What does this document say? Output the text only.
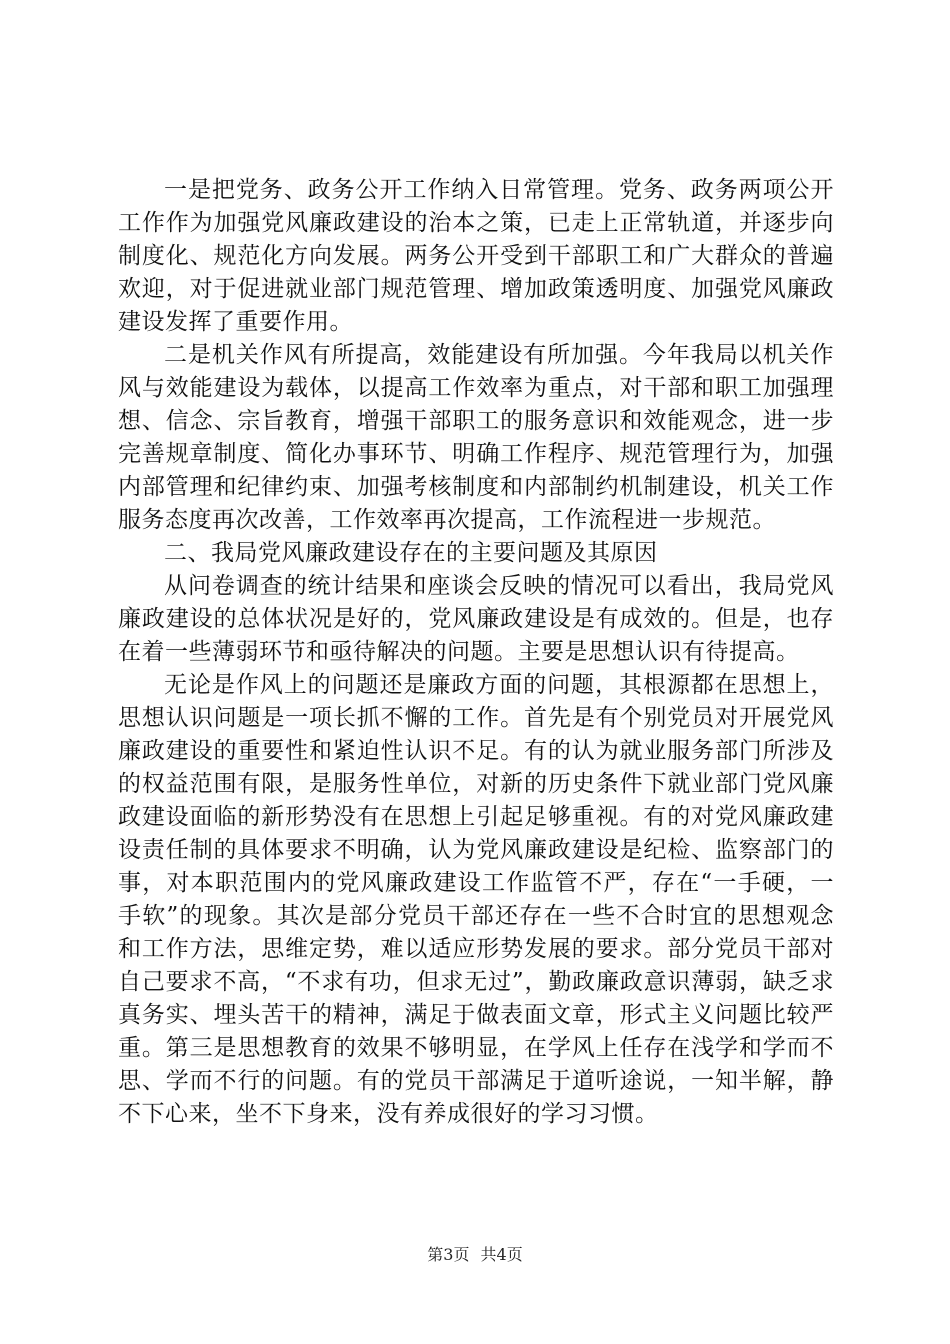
一是把党务、政务公开工作纳入日常管理。党务、政务两项公开工作作为加强党风廉政建设的治本之策，已走上正常轨道，并逐步向制度化、规范化方向发展。两务公开受到干部职工和广大群众的普遍欢迎，对于促进就业部门规范管理、增加政策透明度、加强党风廉政建设发挥了重要作用。

二是机关作风有所提高，效能建设有所加强。今年我局以机关作风与效能建设为载体，以提高工作效率为重点，对干部和职工加强理想、信念、宗旨教育，增强干部职工的服务意识和效能观念，进一步完善规章制度、简化办事环节、明确工作程序、规范管理行为，加强内部管理和纪律约束、加强考核制度和内部制约机制建设，机关工作服务态度再次改善，工作效率再次提高，工作流程进一步规范。

二、我局党风廉政建设存在的主要问题及其原因

从问卷调查的统计结果和座谈会反映的情况可以看出，我局党风廉政建设的总体状况是好的，党风廉政建设是有成效的。但是，也存在着一些薄弱环节和亟待解决的问题。主要是思想认识有待提高。

无论是作风上的问题还是廉政方面的问题，其根源都在思想上，思想认识问题是一项长抓不懈的工作。首先是有个别党员对开展党风廉政建设的重要性和紧迫性认识不足。有的认为就业服务部门所涉及的权益范围有限，是服务性单位，对新的历史条件下就业部门党风廉政建设面临的新形势没有在思想上引起足够重视。有的对党风廉政建设责任制的具体要求不明确，认为党风廉政建设是纪检、监察部门的事，对本职范围内的党风廉政建设工作监管不严，存在“一手硬，一手软”的现象。其次是部分党员干部还存在一些不合时宜的思想观念和工作方法，思维定势，难以适应形势发展的要求。部分党员干部对自己要求不高，“不求有功，但求无过”，勤政廉政意识薄弱，缺乏求真务实、埋头苦干的精神，满足于做表面文章，形式主义问题比较严重。第三是思想教育的效果不够明显，在学风上任存在浅学和学而不思、学而不行的问题。有的党员干部满足于道听途说，一知半解，静不下心来，坐不下身来，没有养成很好的学习习惯。

第3页 共4页
